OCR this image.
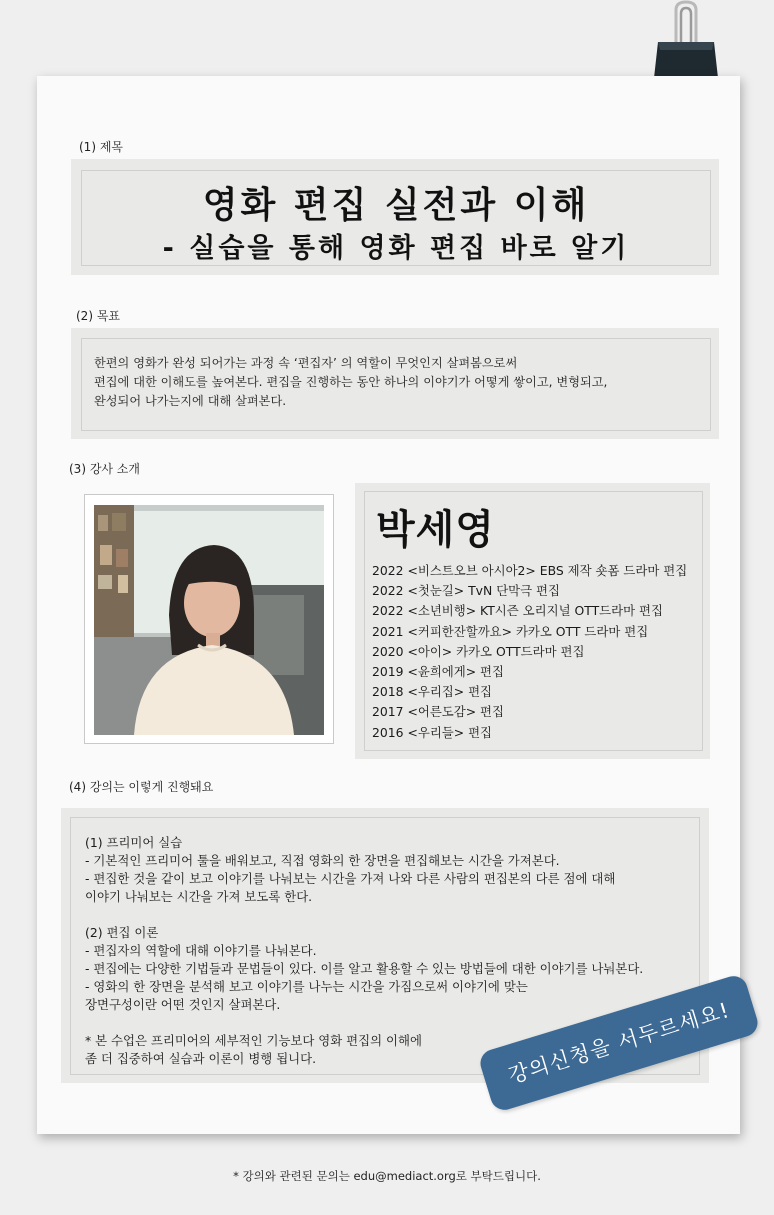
(1) 제목
영화 편집 실전과 이해
- 실습을 통해 영화 편집 바로 알기
(2) 목표
한편의 영화가 완성 되어가는 과정 속 ‘편집자’ 의 역할이 무엇인지 살펴봄으로써
편집에 대한 이해도를 높여본다. 편집을 진행하는 동안 하나의 이야기가 어떻게 쌓이고, 변형되고,
완성되어 나가는지에 대해 살펴본다.
(3) 강사 소개
박세영
2022 <비스트오브 아시아2> EBS 제작 숏폼 드라마 편집
2022 <첫눈길> TvN 단막극 편집
2022 <소년비행> KT시즌 오리지널 OTT드라마 편집
2021 <커피한잔할까요> 카카오 OTT 드라마 편집
2020 <아이> 카카오 OTT드라마 편집
2019 <윤희에게> 편집
2018 <우리집> 편집
2017 <어른도감> 편집
2016 <우리들> 편집
(4) 강의는 이렇게 진행돼요

(1) 프리미어 실습

- 기본적인 프리미어 툴을 배워보고, 직접 영화의 한 장면을 편집해보는 시간을 가져본다.

- 편집한 것을 같이 보고 이야기를 나눠보는 시간을 가져 나와 다른 사람의 편집본의 다른 점에 대해

이야기 나눠보는 시간을 가져 보도록 한다.

(2) 편집 이론

- 편집자의 역할에 대해 이야기를 나눠본다.

- 편집에는 다양한 기법들과 문법들이 있다. 이를 알고 활용할 수 있는 방법들에 대한 이야기를 나눠본다.

- 영화의 한 장면을 분석해 보고 이야기를 나누는 시간을 가짐으로써 이야기에 맞는

장면구성이란 어떤 것인지 살펴본다.

* 본 수업은 프리미어의 세부적인 기능보다 영화 편집의 이해에

좀 더 집중하여 실습과 이론이 병행 됩니다.	강의신청을 서두르세요!
* 강의와 관련된 문의는 edu@mediact.org로 부탁드립니다.
